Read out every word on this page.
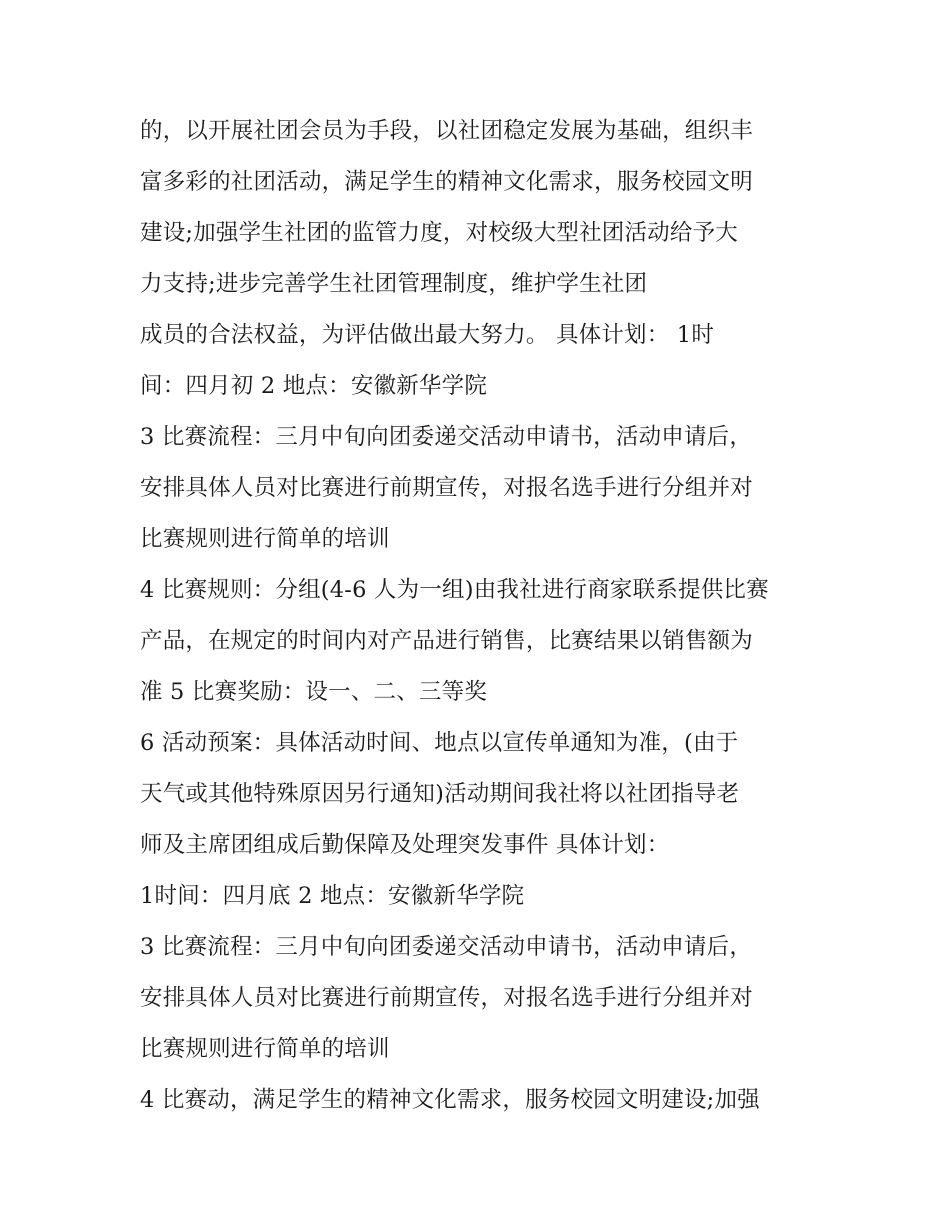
的，以开展社团会员为手段，以社团稳定发展为基础，组织丰
富多彩的社团活动，满足学生的精神文化需求，服务校园文明
建设;加强学生社团的监管力度，对校级大型社团活动给予大
力支持;进步完善学生社团管理制度，维护学生社团
成员的合法权益，为评估做出最大努力。 具体计划： 1时
间：四月初 2 地点：安徽新华学院
3 比赛流程：三月中旬向团委递交活动申请书，活动申请后，
安排具体人员对比赛进行前期宣传，对报名选手进行分组并对
比赛规则进行简单的培训
4 比赛规则：分组(4-6 人为一组)由我社进行商家联系提供比赛
产品，在规定的时间内对产品进行销售，比赛结果以销售额为
准 5 比赛奖励：设一、二、三等奖
6 活动预案：具体活动时间、地点以宣传单通知为准，(由于
天气或其他特殊原因另行通知)活动期间我社将以社团指导老
师及主席团组成后勤保障及处理突发事件 具体计划：
1时间：四月底 2 地点：安徽新华学院
3 比赛流程：三月中旬向团委递交活动申请书，活动申请后，
安排具体人员对比赛进行前期宣传，对报名选手进行分组并对
比赛规则进行简单的培训
4 比赛动，满足学生的精神文化需求，服务校园文明建设;加强
